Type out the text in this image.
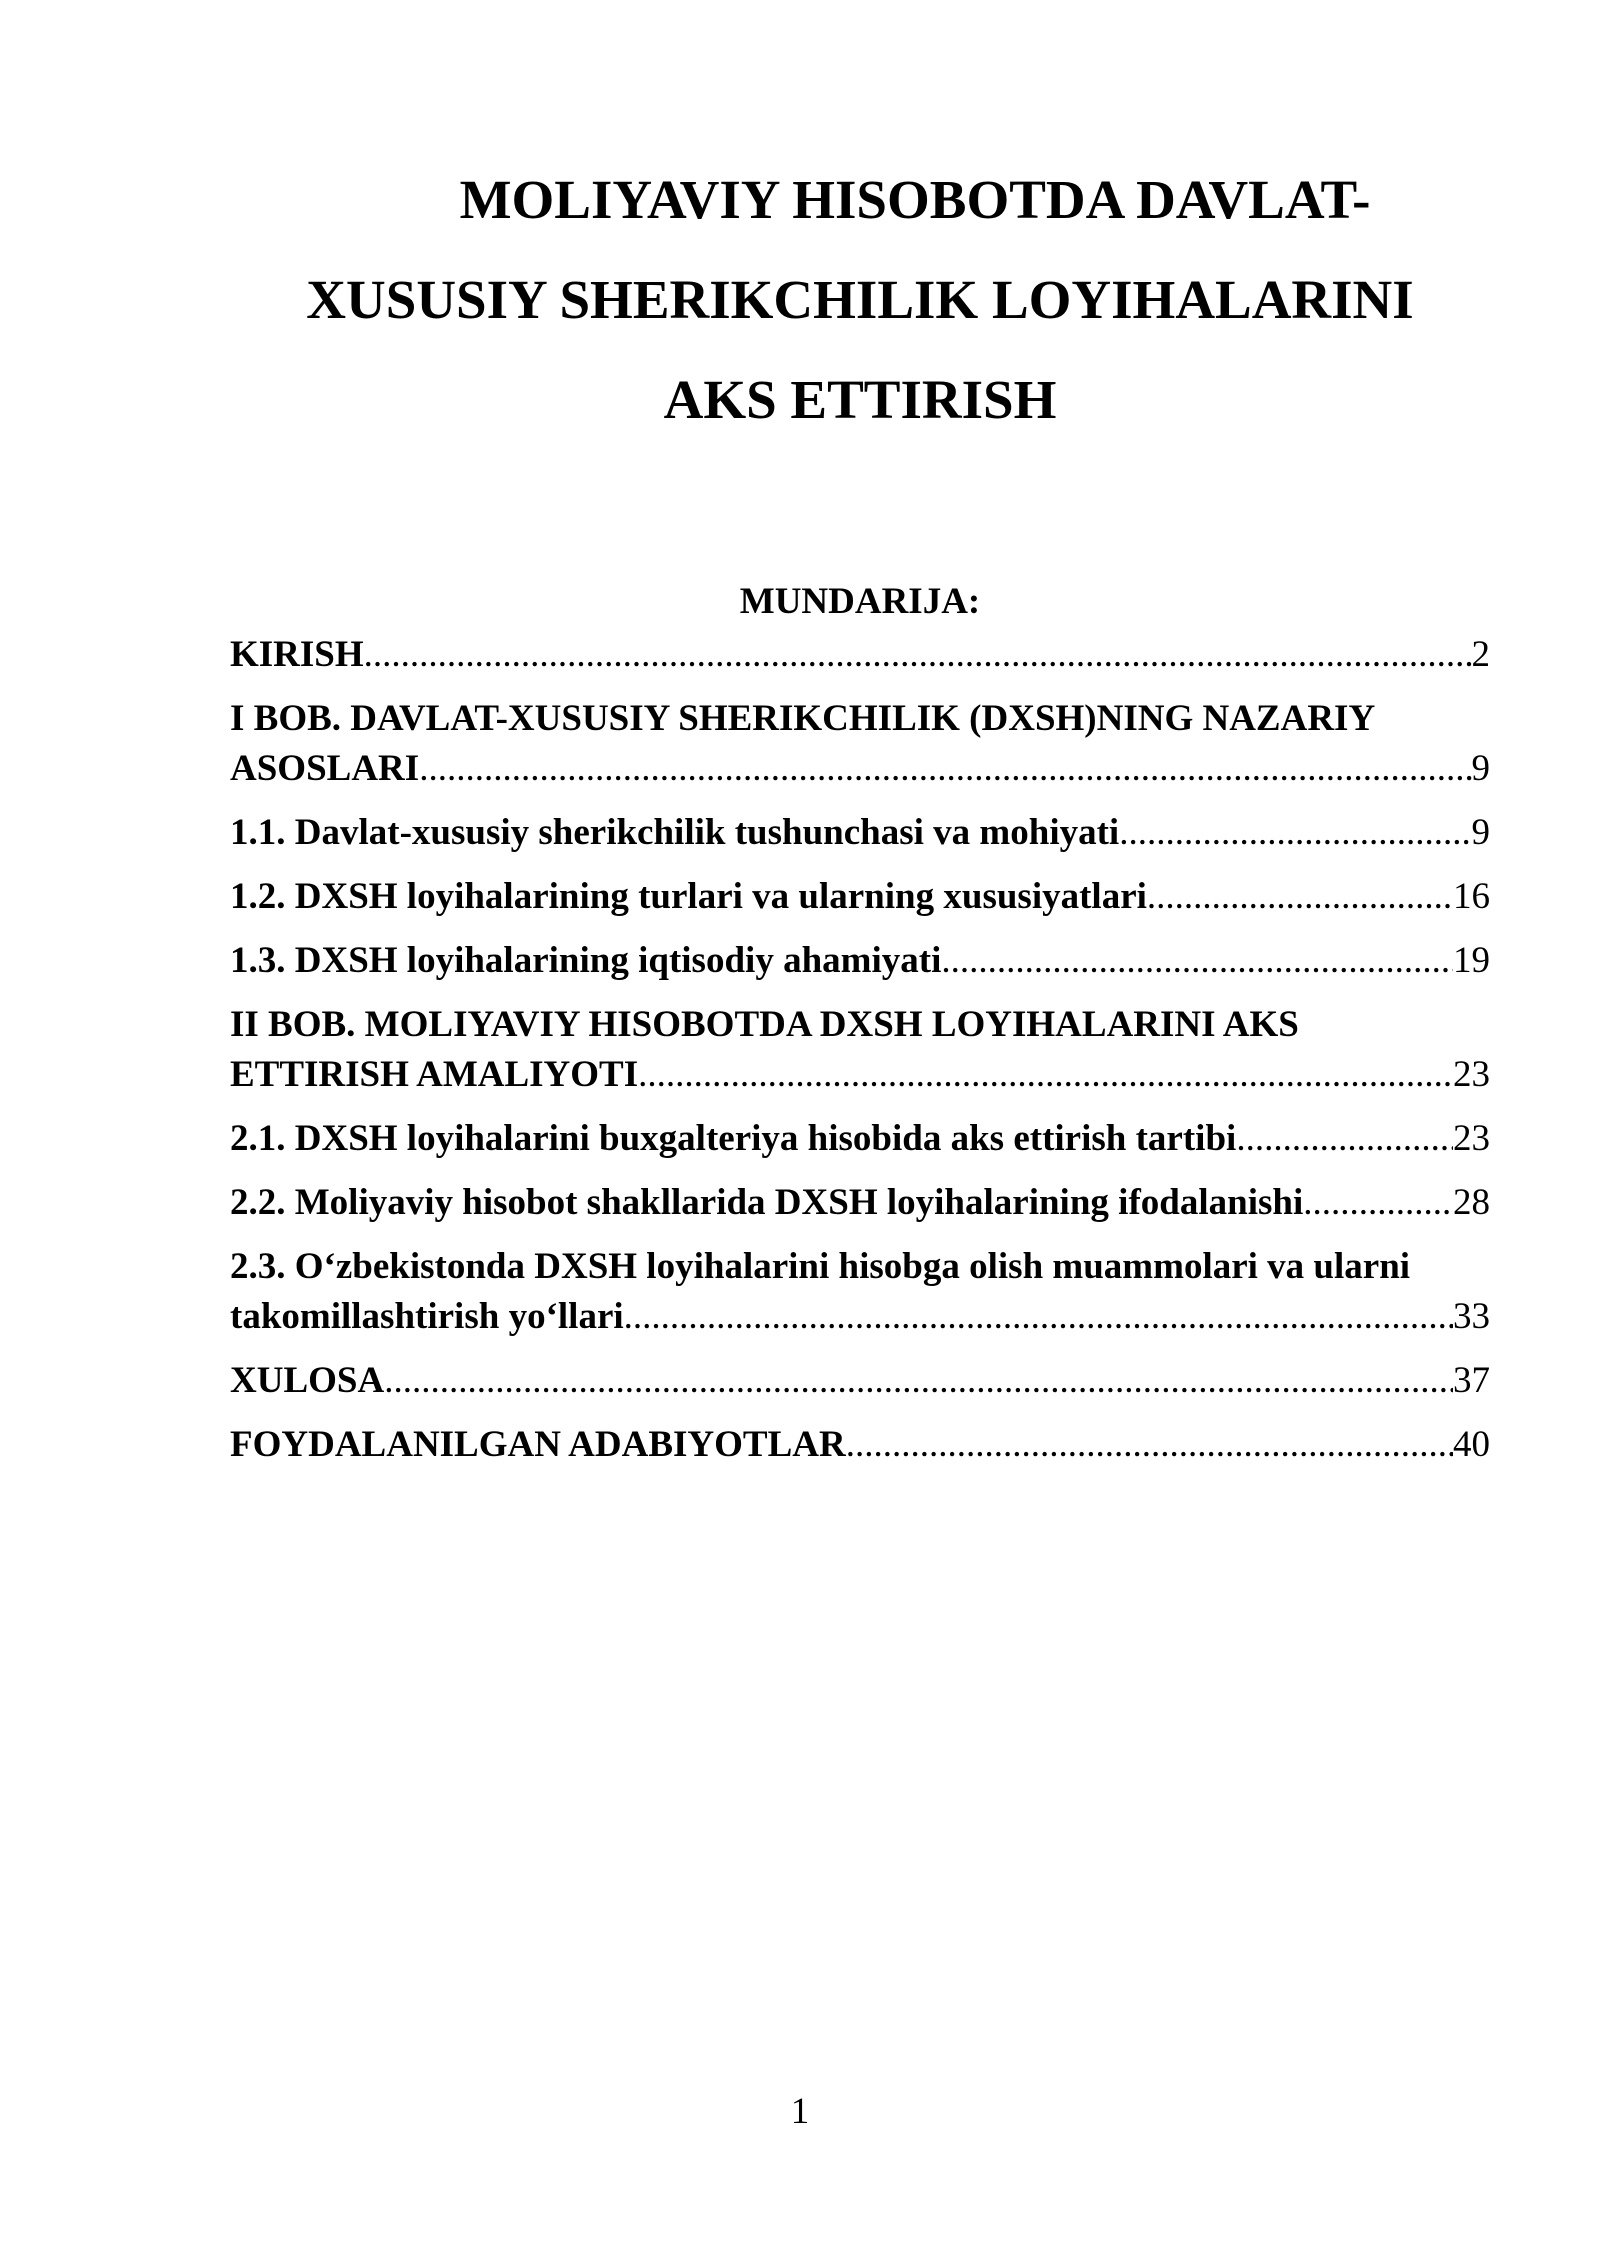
MOLIYAVIY HISOBOTDA DAVLAT-
XUSUSIY SHERIKCHILIK LOYIHALARINI
AKS ETTIRISH
MUNDARIJA:
KIRISH .....	2
I BOB. DAVLAT-XUSUSIY SHERIKCHILIK (DXSH)NING NAZARIY
ASOSLARI .....	9
1.1. Davlat-xususiy sherikchilik tushunchasi va mohiyati .....	9
1.2. DXSH loyihalarining turlari va ularning xususiyatlari .....	16
1.3. DXSH loyihalarining iqtisodiy ahamiyati .....	19
II BOB. MOLIYAVIY HISOBOTDA DXSH LOYIHALARINI AKS
ETTIRISH AMALIYOTI .....	23
2.1. DXSH loyihalarini buxgalteriya hisobida aks ettirish tartibi .....	23
2.2. Moliyaviy hisobot shakllarida DXSH loyihalarining ifodalanishi .....	28
2.3. O‘zbekistonda DXSH loyihalarini hisobga olish muammolari va ularni
takomillashtirish yo‘llari .....	33
XULOSA .....	37
FOYDALANILGAN ADABIYOTLAR .....	40
1
